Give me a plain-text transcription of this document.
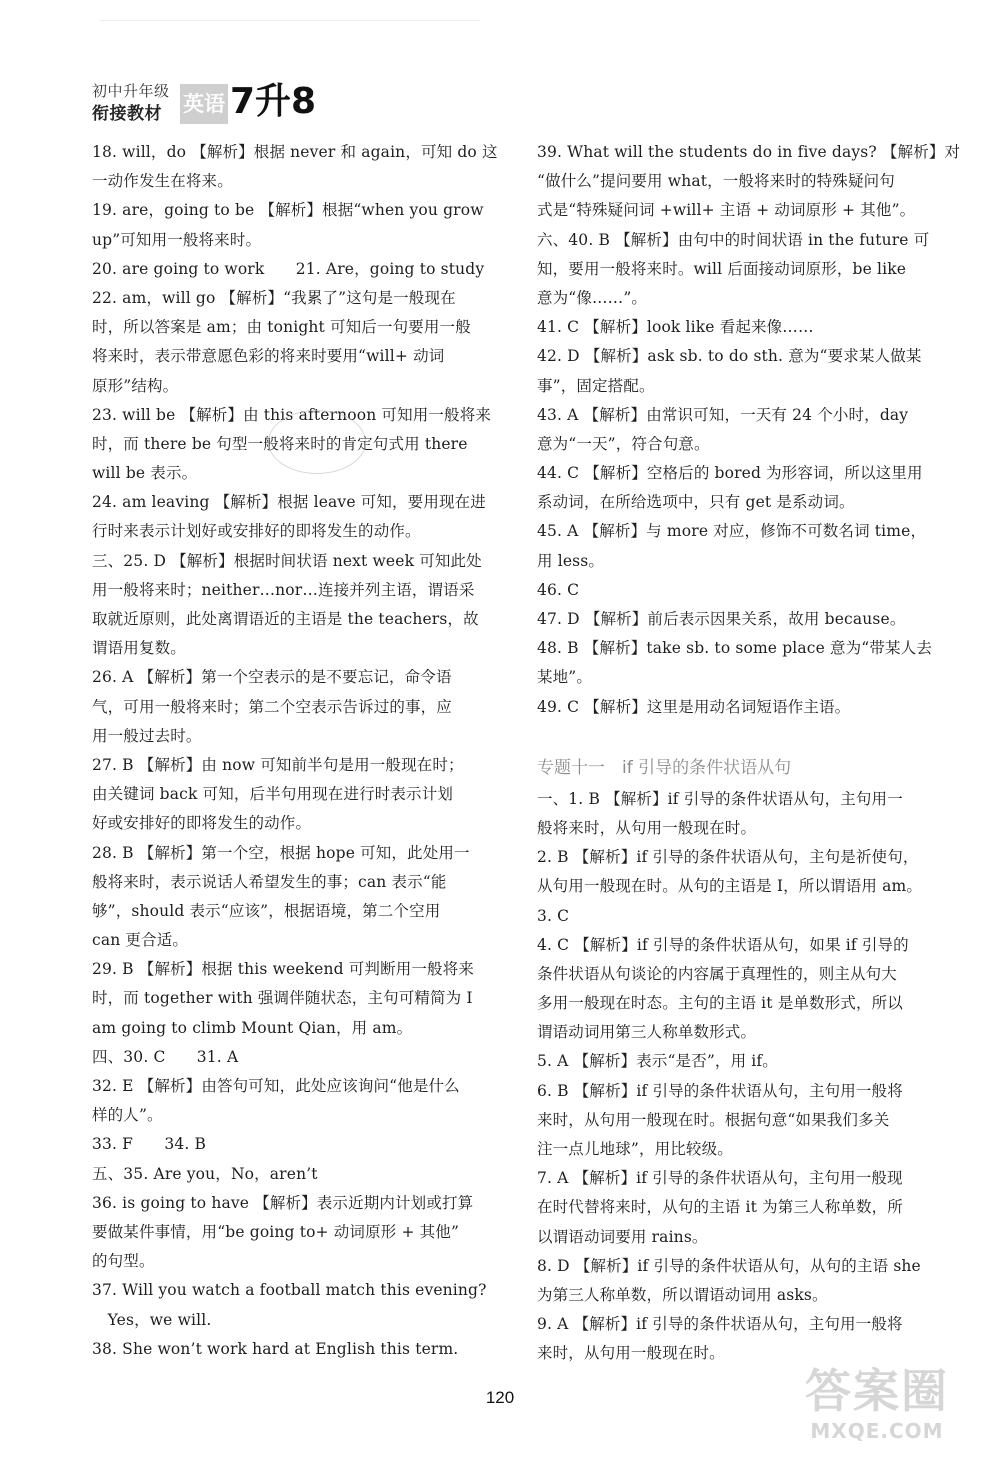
初中升年级
衔接教材 英语 7升8
18. will，do 【解析】根据 never 和 again，可知 do 这
一动作发生在将来。
19. are，going to be 【解析】根据“when you grow
up”可知用一般将来时。
20. are going to work　　21. Are，going to study
22. am，will go 【解析】“我累了”这句是一般现在
时，所以答案是 am；由 tonight 可知后一句要用一般
将来时，表示带意愿色彩的将来时要用“will+ 动词
原形”结构。
23. will be 【解析】由 this afternoon 可知用一般将来
时，而 there be 句型一般将来时的肯定句式用 there
will be 表示。
24. am leaving 【解析】根据 leave 可知，要用现在进
行时来表示计划好或安排好的即将发生的动作。
三、25. D 【解析】根据时间状语 next week 可知此处
用一般将来时；neither…nor…连接并列主语，谓语采
取就近原则，此处离谓语近的主语是 the teachers，故
谓语用复数。
26. A 【解析】第一个空表示的是不要忘记，命令语
气，可用一般将来时；第二个空表示告诉过的事，应
用一般过去时。
27. B 【解析】由 now 可知前半句是用一般现在时；
由关键词 back 可知，后半句用现在进行时表示计划
好或安排好的即将发生的动作。
28. B 【解析】第一个空，根据 hope 可知，此处用一
般将来时，表示说话人希望发生的事；can 表示“能
够”，should 表示“应该”，根据语境，第二个空用
can 更合适。
29. B 【解析】根据 this weekend 可判断用一般将来
时，而 together with 强调伴随状态，主句可精简为 I
am going to climb Mount Qian，用 am。
四、30. C　　31. A
32. E 【解析】由答句可知，此处应该询问“他是什么
样的人”。
33. F　　34. B
五、35. Are you，No，aren’t
36. is going to have 【解析】表示近期内计划或打算
要做某件事情，用“be going to+ 动词原形 + 其他”
的句型。
37. Will you watch a football match this evening?
　Yes，we will.
38. She won’t work hard at English this term.
39. What will the students do in five days? 【解析】对
“做什么”提问要用 what，一般将来时的特殊疑问句
式是“特殊疑问词 +will+ 主语 + 动词原形 + 其他”。
六、40. B 【解析】由句中的时间状语 in the future 可
知，要用一般将来时。will 后面接动词原形，be like
意为“像……”。
41. C 【解析】look like 看起来像……
42. D 【解析】ask sb. to do sth. 意为“要求某人做某
事”，固定搭配。
43. A 【解析】由常识可知，一天有 24 个小时，day
意为“一天”，符合句意。
44. C 【解析】空格后的 bored 为形容词，所以这里用
系动词，在所给选项中，只有 get 是系动词。
45. A 【解析】与 more 对应，修饰不可数名词 time，
用 less。
46. C
47. D 【解析】前后表示因果关系，故用 because。
48. B 【解析】take sb. to some place 意为“带某人去
某地”。
49. C 【解析】这里是用动名词短语作主语。
专题十一　if 引导的条件状语从句
一、1. B 【解析】if 引导的条件状语从句，主句用一
般将来时，从句用一般现在时。
2. B 【解析】if 引导的条件状语从句，主句是祈使句，
从句用一般现在时。从句的主语是 I，所以谓语用 am。
3. C
4. C 【解析】if 引导的条件状语从句，如果 if 引导的
条件状语从句谈论的内容属于真理性的，则主从句大
多用一般现在时态。主句的主语 it 是单数形式，所以
谓语动词用第三人称单数形式。
5. A 【解析】表示“是否”，用 if。
6. B 【解析】if 引导的条件状语从句，主句用一般将
来时，从句用一般现在时。根据句意“如果我们多关
注一点儿地球”，用比较级。
7. A 【解析】if 引导的条件状语从句，主句用一般现
在时代替将来时，从句的主语 it 为第三人称单数，所
以谓语动词要用 rains。
8. D 【解析】if 引导的条件状语从句，从句的主语 she
为第三人称单数，所以谓语动词用 asks。
9. A 【解析】if 引导的条件状语从句，主句用一般将
来时，从句用一般现在时。
120	答案圈
MXQE.COM
